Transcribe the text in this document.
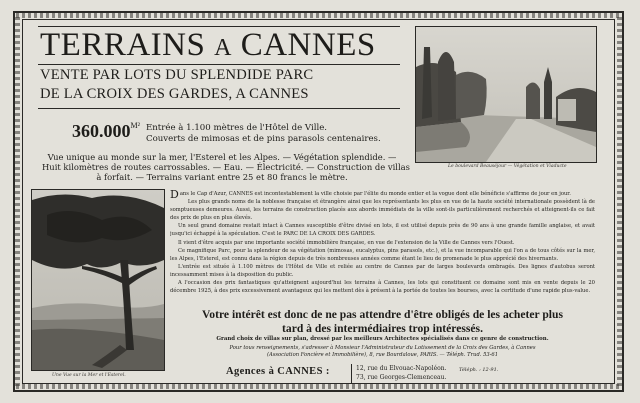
TERRAINS A CANNES
VENTE PAR LOTS DU SPLENDIDE PARC
DE LA CROIX DES GARDES, A CANNES
$360.000^{M^2}$ Entrée à 1.100 mètres de l'Hôtel de Ville.
Couverts de mimosas et de pins parasols centenaires.
Vue unique au monde sur la mer, l'Esterel et les Alpes. — Végétation splendide. —
Huit kilomètres de routes carrossables. — Eau. — Électricité. — Construction de villas
à forfait. — Terrains variant entre 25 et 80 francs le mètre.
Le boulevard Beauséjour — Végétation et Viaducte
Une Vue sur la Mer et l'Esterel.

Dans le Cap d'Azur, CANNES est incontestablement la ville choisie par l'élite du monde entier et la vogue dont elle bénéficie s'affirme de jour en jour.

Les plus grands noms de la noblesse française et étrangère ainsi que les représentants les plus en vue de la haute société internationale possèdent là de somptueuses demeures. Aussi, les terrains de construction placés aux abords immédiats de la ville sont-ils particulièrement recherchés et atteignent-ils ce fait des prix de plus en plus élevés.

Un seul grand domaine restait intact à Cannes susceptible d'être divisé en lots, il est utilisé depuis près de 90 ans à une grande famille anglaise, et avait jusqu'ici échappé à la spéculation. C'est le PARC DE LA CROIX DES GARDES.

Il vient d'être acquis par une importante société immobilière française, en vue de l'extension de la Ville de Cannes vers l'Ouest.

Ce magnifique Parc, pour la splendeur de sa végétation (mimosas, eucalyptus, pins parasols, etc.), et la vue incomparable qui l'on a de tous côtés sur la mer, les Alpes, l'Esterel, est connu dans la région depuis de très nombreuses années comme étant le lieu de promenade le plus apprécié des hivernants.

L'entrée est située à 1.100 mètres de l'Hôtel de Ville et reliée au centre de Cannes par de larges boulevards ombragés. Des lignes d'autobus seront incessamment mises à la disposition du public.

A l'occasion des prix fantastiques qu'atteignent aujourd'hui les terrains à Cannes, les lots qui constituent ce domaine sont mis en vente depuis le 20 décembre 1925, à des prix excessivement avantageux qui les mettent dès à présent à la portée de toutes les bourses, avec la certitude d'une rapide plus-value.

Votre intérêt est donc de ne pas attendre d'être obligés de les acheter plus
tard à des intermédiaires trop intéressés.
Grand choix de villas sur plan, dressé par les meilleurs Architectes spécialisés dans ce genre de construction.
Pour tous renseignements, s'adresser à Monsieur l'Administrateur du Lotissement de la Croix des Gardes, à Cannes
(Association Foncière et Immobilière), 8, rue Bourdaloue, PARIS. — Téléph. Trud. 53-61
Agences à CANNES :	12, rue du Elvouac-Napoléon.
73, rue Georges-Clemenceau.
Téléph. : 12-91.
